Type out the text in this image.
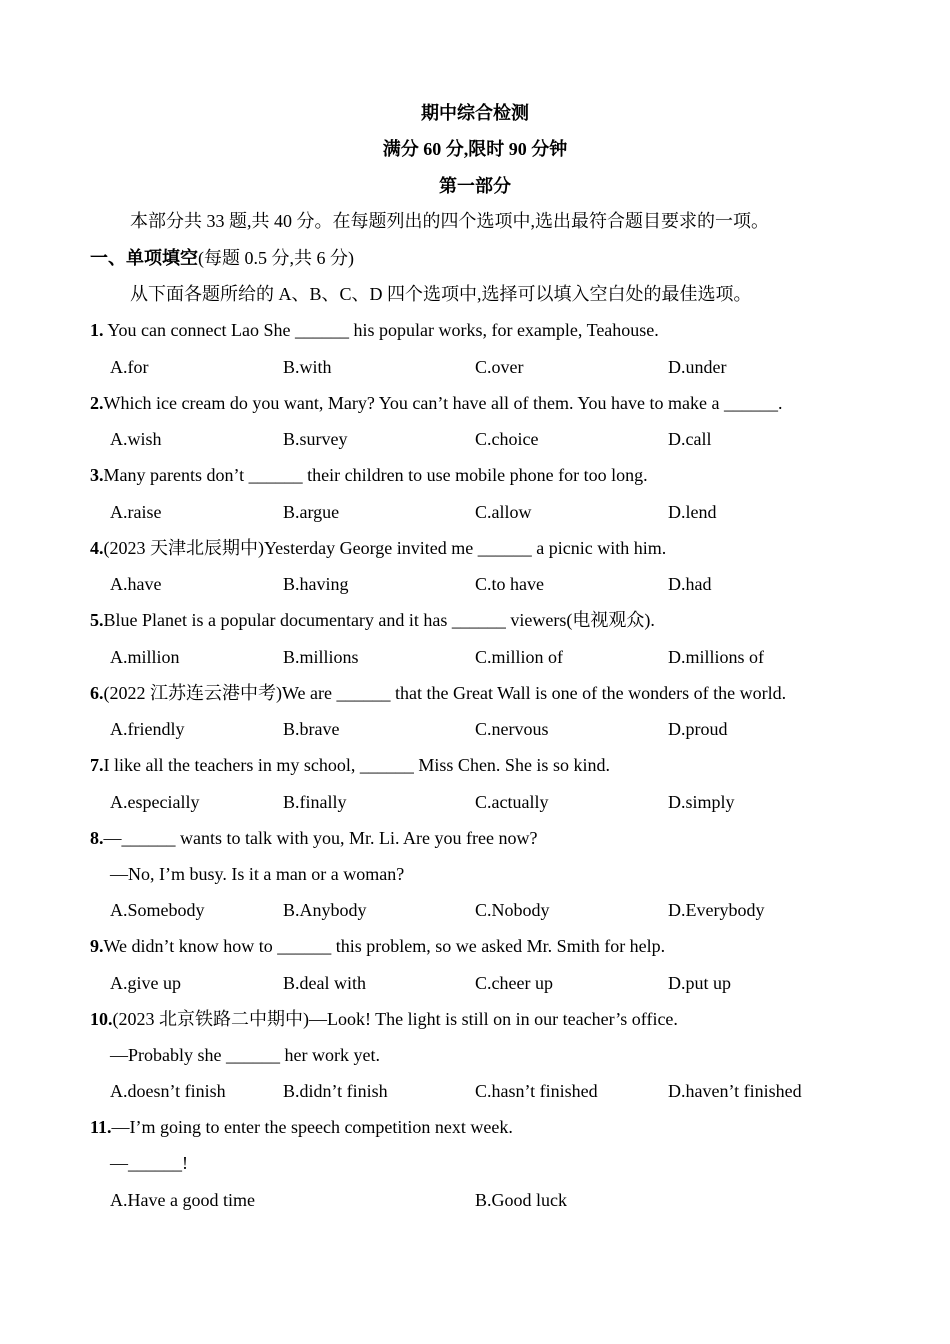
期中综合检测
满分 60 分,限时 90 分钟
第一部分
本部分共 33 题,共 40 分。在每题列出的四个选项中,选出最符合题目要求的一项。
一、单项填空(每题 0.5 分,共 6 分)
从下面各题所给的 A、B、C、D 四个选项中,选择可以填入空白处的最佳选项。
1. You can connect Lao She ______ his popular works, for example, Teahouse.
A.for	B.with	C.over	D.under
2.Which ice cream do you want, Mary? You can’t have all of them. You have to make a ______.
A.wish	B.survey	C.choice	D.call
3.Many parents don’t ______ their children to use mobile phone for too long.
A.raise	B.argue	C.allow	D.lend
4.(2023 天津北辰期中)Yesterday George invited me ______ a picnic with him.
A.have	B.having	C.to have	D.had
5.Blue Planet is a popular documentary and it has ______ viewers(电视观众).
A.million	B.millions	C.million of	D.millions of
6.(2022 江苏连云港中考)We are ______ that the Great Wall is one of the wonders of the world.
A.friendly	B.brave	C.nervous	D.proud
7.I like all the teachers in my school, ______ Miss Chen. She is so kind.
A.especially	B.finally	C.actually	D.simply
8.—______ wants to talk with you, Mr. Li. Are you free now?
—No, I’m busy. Is it a man or a woman?
A.Somebody	B.Anybody	C.Nobody	D.Everybody
9.We didn’t know how to ______ this problem, so we asked Mr. Smith for help.
A.give up	B.deal with	C.cheer up	D.put up
10.(2023 北京铁路二中期中)—Look! The light is still on in our teacher’s office.
—Probably she ______ her work yet.
A.doesn’t finish	B.didn’t finish	C.hasn’t finished	D.haven’t finished
11.—I’m going to enter the speech competition next week.
—______!
A.Have a good time	B.Good luck
